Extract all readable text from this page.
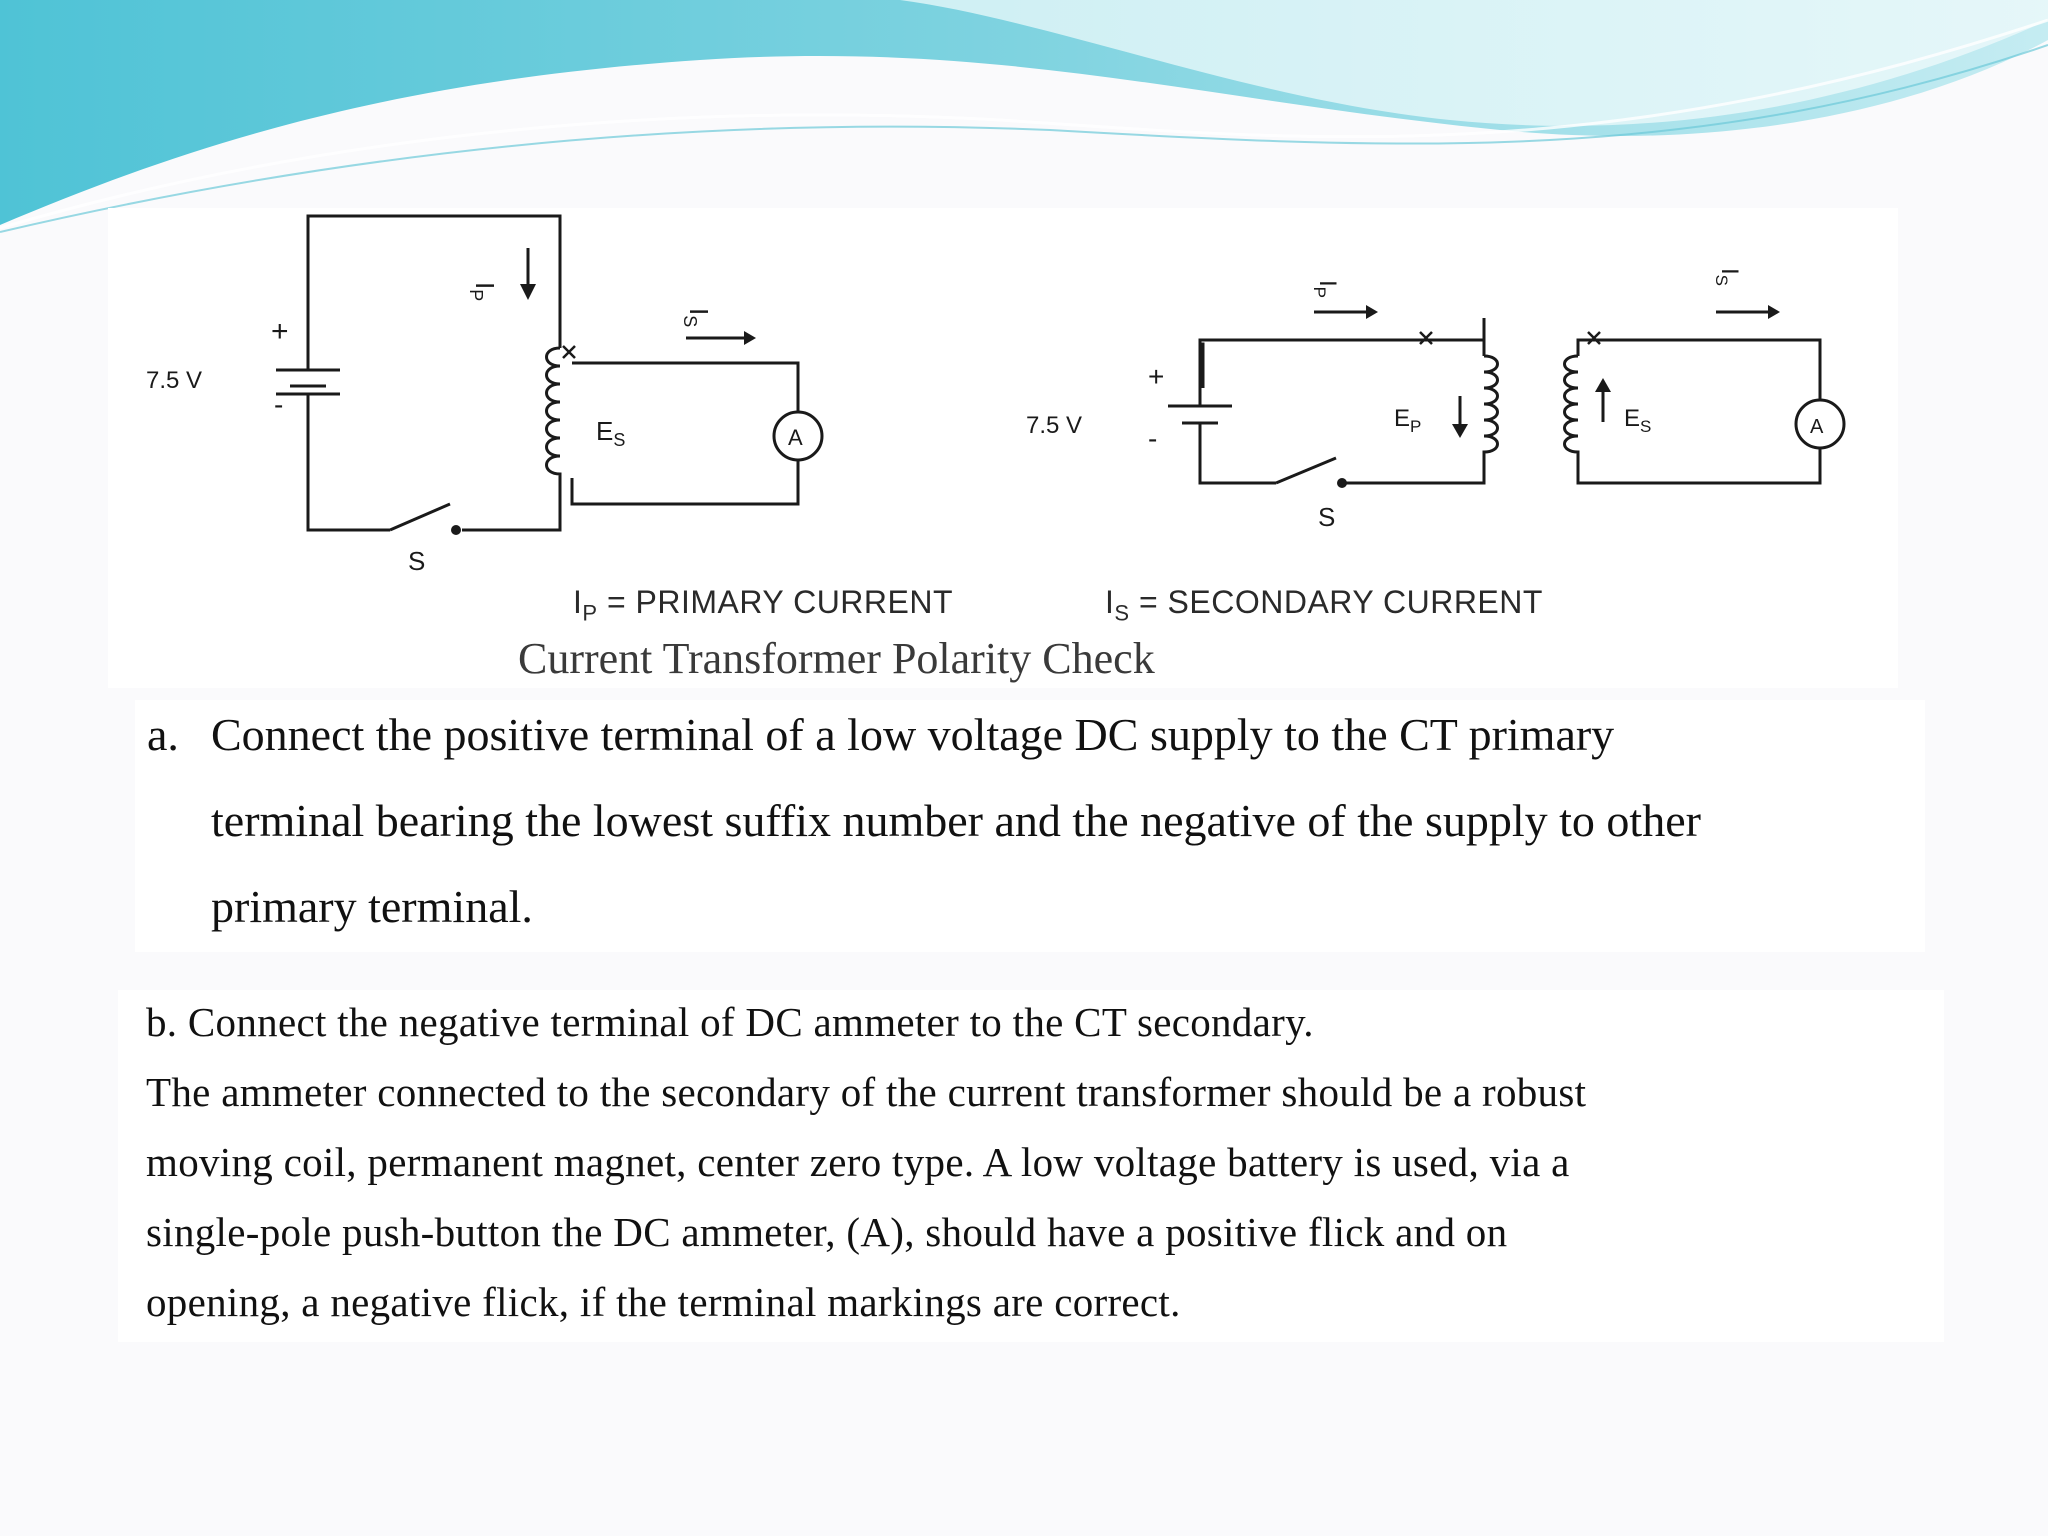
+
-
7.5 V
S
A
$I_P$
$I_S$
$E_S$
+
-
7.5 V
S
A
$I_P$
$I_S$
$E_P$	$E_S$
$I_P$ = PRIMARY CURRENT	$I_S$ = SECONDARY CURRENT
Current Transformer Polarity Check
a. Connect the positive terminal of a low voltage DC supply to the CT primary
terminal bearing the lowest suffix number and the negative of the supply to other
primary terminal.
b. Connect the negative terminal of DC ammeter to the CT secondary.
The ammeter connected to the secondary of the current transformer should be a robust
moving coil, permanent magnet, center zero type. A low voltage battery is used, via a
single-pole push-button the DC ammeter, (A), should have a positive flick and on
opening, a negative flick, if the terminal markings are correct.
